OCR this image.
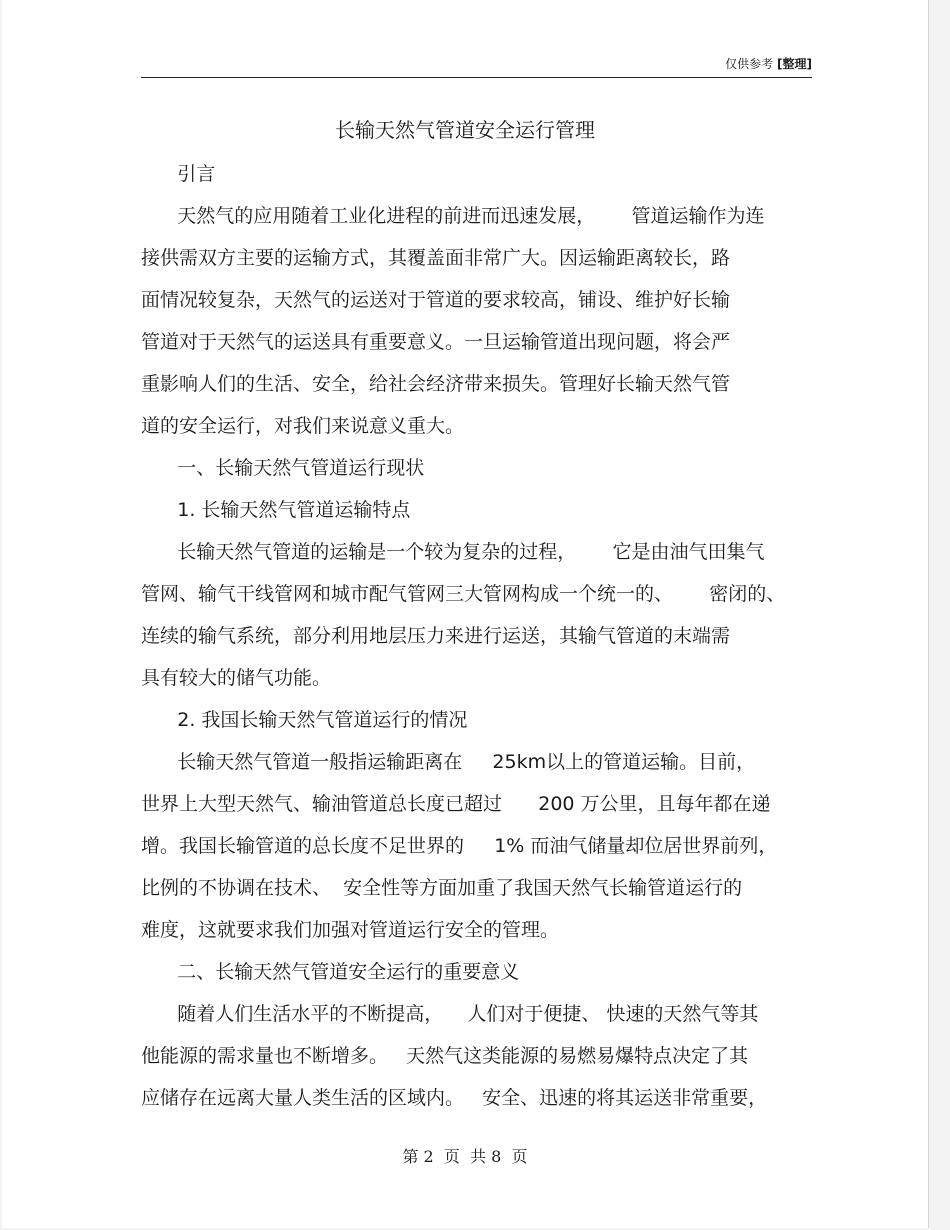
仅供参考 [整理]
长输天然气管道安全运行管理

引言

天然气的应用随着工业化进程的前进而迅速发展，      管道运输作为连

接供需双方主要的运输方式，其覆盖面非常广大。因运输距离较长，路

面情况较复杂，天然气的运送对于管道的要求较高，铺设、维护好长输

管道对于天然气的运送具有重要意义。一旦运输管道出现问题，将会严

重影响人们的生活、安全，给社会经济带来损失。管理好长输天然气管

道的安全运行，对我们来说意义重大。

一、长输天然气管道运行现状

1. 长输天然气管道运输特点

长输天然气管道的运输是一个较为复杂的过程，      它是由油气田集气

管网、输气干线管网和城市配气管网三大管网构成一个统一的、      密闭的、

连续的输气系统，部分利用地层压力来进行运送，其输气管道的末端需

具有较大的储气功能。

2. 我国长输天然气管道运行的情况

长输天然气管道一般指运输距离在     25km以上的管道运输。目前，

世界上大型天然气、输油管道总长度已超过      200 万公里，且每年都在递

增。我国长输管道的总长度不足世界的     1% 而油气储量却位居世界前列，

比例的不协调在技术、  安全性等方面加重了我国天然气长输管道运行的

难度，这就要求我们加强对管道运行安全的管理。

二、长输天然气管道安全运行的重要意义

随着人们生活水平的不断提高，    人们对于便捷、 快速的天然气等其

他能源的需求量也不断增多。   天然气这类能源的易燃易爆特点决定了其

应储存在远离大量人类生活的区域内。   安全、迅速的将其运送非常重要，

第 2  页  共 8  页
